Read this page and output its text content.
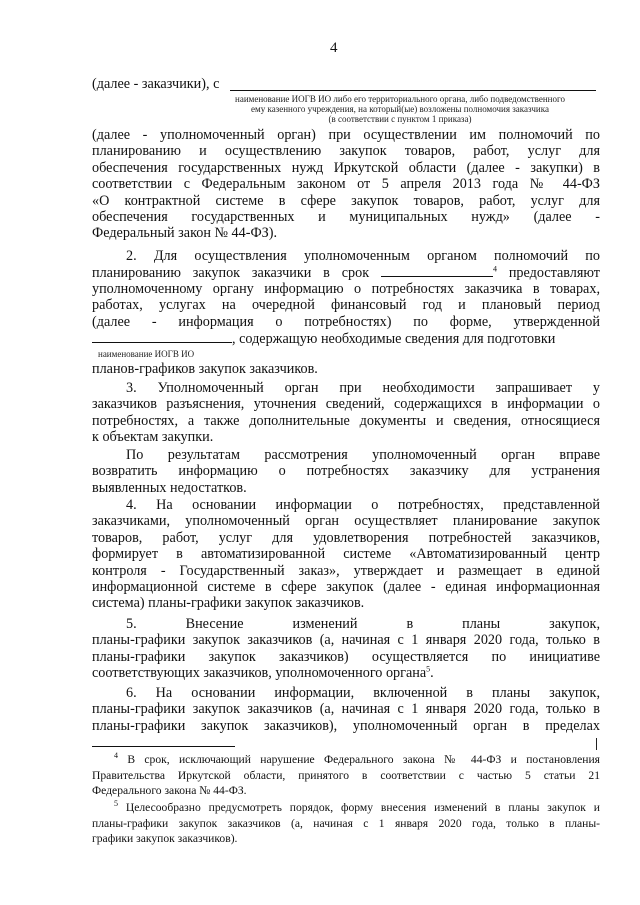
4
(далее - заказчики), с
наименование ИОГВ ИО либо его территориального органа, либо подведомственного
ему казенного учреждения, на который(ые) возложены полномочия заказчика
(в соответствии с пунктом 1 приказа)
(далее - уполномоченный орган) при осуществлении им полномочий по
планированию и осуществлению закупок товаров, работ, услуг для
обеспечения государственных нужд Иркутской области (далее - закупки) в
соответствии с Федеральным законом от 5 апреля 2013 года № 44-ФЗ
«О контрактной системе в сфере закупок товаров, работ, услуг для
обеспечения государственных и муниципальных нужд» (далее -
Федеральный закон № 44-ФЗ).
2. Для осуществления уполномоченным органом полномочий по
планированию закупок заказчики в срок	$^4$ предоставляют
уполномоченному органу информацию о потребностях заказчика в товарах,
работах, услугах на очередной финансовый год и плановый период
(далее - информация о потребностях) по форме, утвержденной
, содержащую необходимые сведения для подготовки
наименование ИОГВ ИО
планов-графиков закупок заказчиков.
3. Уполномоченный орган при необходимости запрашивает у
заказчиков разъяснения, уточнения сведений, содержащихся в информации о
потребностях, а также дополнительные документы и сведения, относящиеся
к объектам закупки.
По результатам рассмотрения уполномоченный орган вправе
возвратить информацию о потребностях заказчику для устранения
выявленных недостатков.
4. На основании информации о потребностях, представленной
заказчиками, уполномоченный орган осуществляет планирование закупок
товаров, работ, услуг для удовлетворения потребностей заказчиков,
формирует в автоматизированной системе «Автоматизированный центр
контроля - Государственный заказ», утверждает и размещает в единой
информационной системе в сфере закупок (далее - единая информационная
система) планы-графики закупок заказчиков.
5. Внесение изменений в планы закупок,
планы-графики закупок заказчиков (а, начиная с 1 января 2020 года, только в
планы-графики закупок заказчиков) осуществляется по инициативе
соответствующих заказчиков, уполномоченного органа$^5$.
6. На основании информации, включенной в планы закупок,
планы-графики закупок заказчиков (а, начиная с 1 января 2020 года, только в
планы-графики закупок заказчиков), уполномоченный орган в пределах
$^4$ В срок, исключающий нарушение Федерального закона № 44-ФЗ и постановления
Правительства Иркутской области, принятого в соответствии с частью 5 статьи 21
Федерального закона № 44-ФЗ.
$^5$ Целесообразно предусмотреть порядок, форму внесения изменений в планы закупок и
планы-графики закупок заказчиков (а, начиная с 1 января 2020 года, только в планы-
графики закупок заказчиков).
